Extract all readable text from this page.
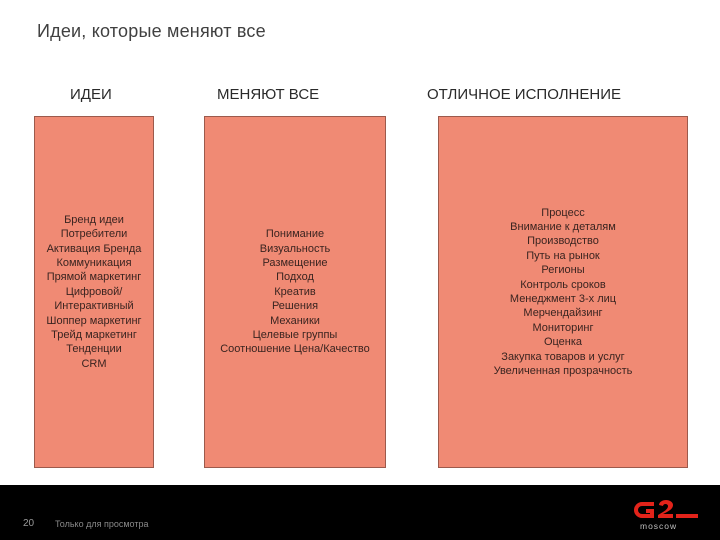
Идеи, которые меняют все
ИДЕИ	МЕНЯЮТ ВСЕ	ОТЛИЧНОЕ ИСПОЛНЕНИЕ
Бренд идеи
Потребители
Активация Бренда
Коммуникация
Прямой маркетинг
Цифровой/
Интерактивный
Шоппер маркетинг
Трейд маркетинг
Тенденции
CRM
Понимание
Визуальность
Размещение
Подход
Креатив
Решения
Механики
Целевые группы
Соотношение Цена/Качество
Процесс
Внимание к деталям
Производство
Путь на рынок
Регионы
Контроль сроков
Менеджмент 3-х лиц
Мерчендайзинг
Мониторинг
Оценка
Закупка товаров и услуг
Увеличенная прозрачность
20 Только для просмотра	moscow
